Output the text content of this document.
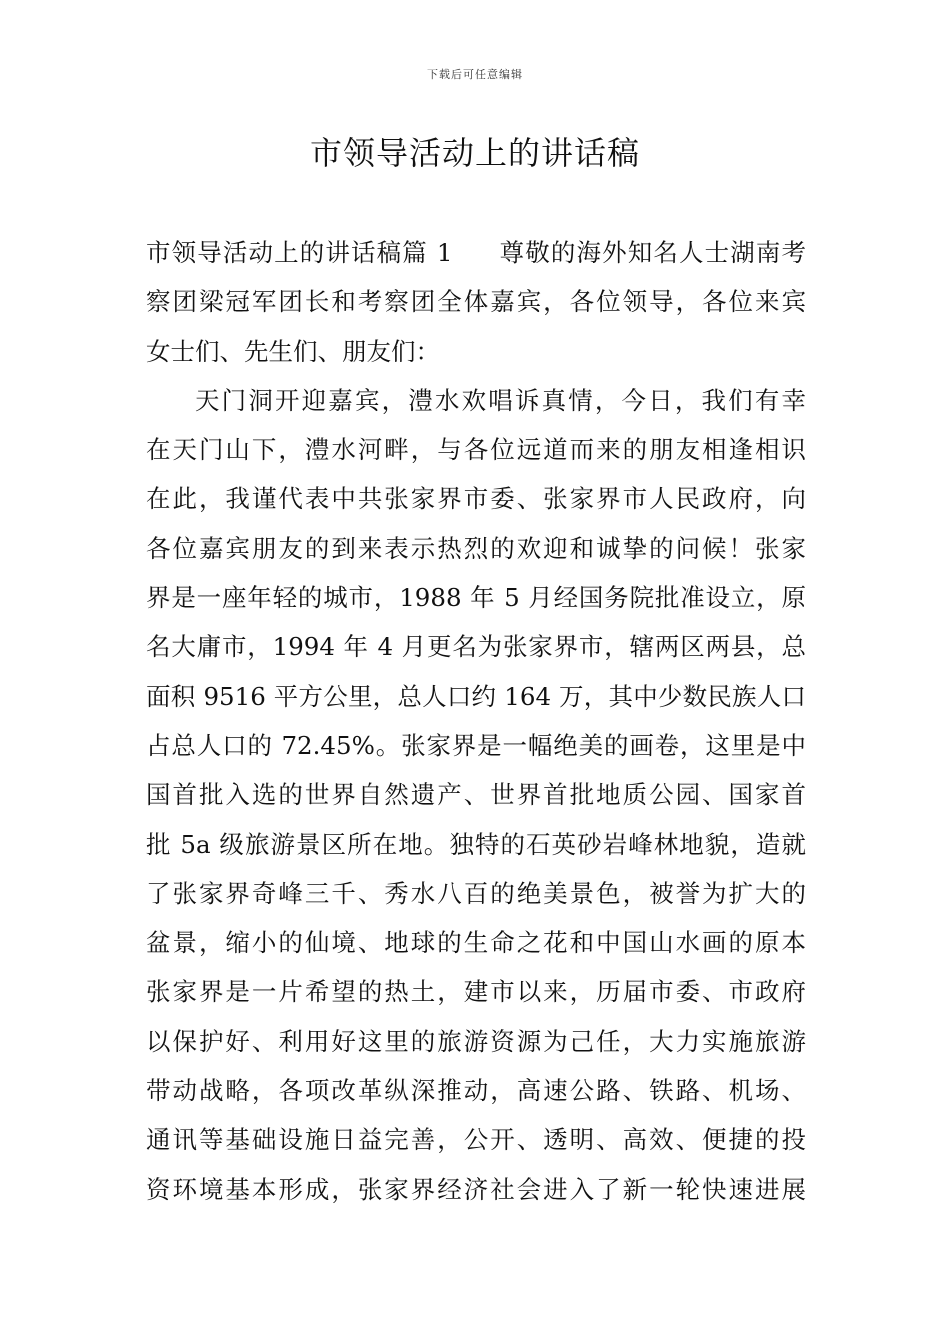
下载后可任意编辑
市领导活动上的讲话稿
市领导活动上的讲话稿篇 1 尊敬的海外知名人士湖南考
察团梁冠军团长和考察团全体嘉宾，各位领导，各位来宾
女士们、先生们、朋友们：
天门洞开迎嘉宾，澧水欢唱诉真情，今日，我们有幸
在天门山下，澧水河畔，与各位远道而来的朋友相逢相识
在此，我谨代表中共张家界市委、张家界市人民政府，向
各位嘉宾朋友的到来表示热烈的欢迎和诚挚的问候！张家
界是一座年轻的城市，1988 年 5 月经国务院批准设立，原
名大庸市，1994 年 4 月更名为张家界市，辖两区两县，总
面积 9516 平方公里，总人口约 164 万，其中少数民族人口
占总人口的 72.45%。张家界是一幅绝美的画卷，这里是中
国首批入选的世界自然遗产、世界首批地质公园、国家首
批 5a 级旅游景区所在地。独特的石英砂岩峰林地貌，造就
了张家界奇峰三千、秀水八百的绝美景色，被誉为扩大的
盆景，缩小的仙境、地球的生命之花和中国山水画的原本
张家界是一片希望的热土，建市以来，历届市委、市政府
以保护好、利用好这里的旅游资源为己任，大力实施旅游
带动战略，各项改革纵深推动，高速公路、铁路、机场、
通讯等基础设施日益完善，公开、透明、高效、便捷的投
资环境基本形成，张家界经济社会进入了新一轮快速进展
